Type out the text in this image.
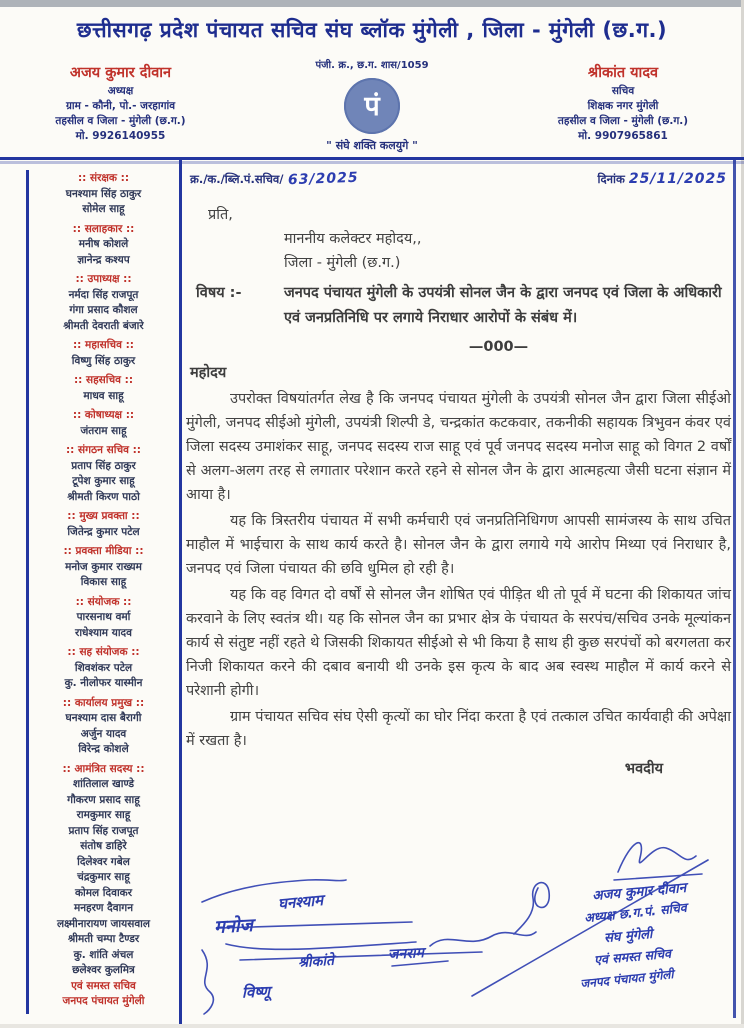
छत्तीसगढ़ प्रदेश पंचायत सचिव संघ ब्लॉक मुंगेली , जिला - मुंगेली (छ.ग.)
अजय कुमार दीवान
अध्यक्ष
ग्राम - कौनी, पो.- जरहागांव
तहसील व जिला - मुंगेली (छ.ग.)
मो. 9926140955
पंजी. क्र., छ.ग. शास/1059
पं
" संघे शक्ति कलयुगे "
श्रीकांत यादव
सचिव
शिक्षक नगर मुंगेली
तहसील व जिला - मुंगेली (छ.ग.)
मो. 9907965861
:: संरक्षक ::
घनश्याम सिंह ठाकुर
सोमेल साहू
:: सलाहकार ::
मनीष कोशले
ज्ञानेन्द्र कश्यप
:: उपाध्यक्ष ::
नर्मदा सिंह राजपूत
गंगा प्रसाद कौशल
श्रीमती देवराती बंजारे
:: महासचिव ::
विष्णु सिंह ठाकुर
:: सहसचिव ::
माधव साहू
:: कोषाध्यक्ष ::
जंतराम साहू
:: संगठन सचिव ::
प्रताप सिंह ठाकुर
टूपेश कुमार साहू
श्रीमती किरण पाठो
:: मुख्य प्रवक्ता ::
जितेन्द्र कुमार पटेल
:: प्रवक्ता मीडिया ::
मनोज कुमार राख्यम
विकास साहू
:: संयोजक ::
पारसनाथ वर्मा
राधेश्याम यादव
:: सह संयोजक ::
शिवशंकर पटेल
कु. नीलोफर यास्मीन
:: कार्यालय प्रमुख ::
घनश्याम दास बैरागी
अर्जुन यादव
विरेन्द्र कोशले
:: आमंत्रित सदस्य ::
शांतिलाल खाण्डे
गौकरण प्रसाद साहू
रामकुमार साहू
प्रताप सिंह राजपूत
संतोष डाहिरे
दिलेश्वर गबेल
चंद्रकुमार साहू
कोमल दिवाकर
मनहरण दैवागन
लक्ष्मीनारायण जायसवाल
श्रीमती चम्पा टैण्डर
कु. शांति अंचल
छलेश्वर कुलमित्र
एवं समस्त सचिव
जनपद पंचायत मुंगेली
क्र./क./ब्लि.पं.सचिव/ 63/2025	दिनांक 25/11/2025
प्रति,
माननीय कलेक्टर महोदय,,
जिला - मुंगेली (छ.ग.)
विषय :-	जनपद पंचायत मुंगेली के उपयंत्री सोनल जैन के द्वारा जनपद एवं जिला के अधिकारी एवं जनप्रतिनिधि पर लगाये निराधार आरोपों के संबंध में।
—000—
महोदय

उपरोक्त विषयांतर्गत लेख है कि जनपद पंचायत मुंगेली के उपयंत्री सोनल जैन द्वारा जिला सीईओ मुंगेली, जनपद सीईओ मुंगेली, उपयंत्री शिल्पी डे, चन्द्रकांत कटकवार, तकनीकी सहायक त्रिभुवन कंवर एवं जिला सदस्य उमाशंकर साहू, जनपद सदस्य राज साहू एवं पूर्व जनपद सदस्य मनोज साहू को विगत 2 वर्षों से अलग-अलग तरह से लगातार परेशान करते रहने से सोनल जैन के द्वारा आत्महत्या जैसी घटना संज्ञान में आया है।

यह कि त्रिस्तरीय पंचायत में सभी कर्मचारी एवं जनप्रतिनिधिगण आपसी सामंजस्य के साथ उचित माहौल में भाईचारा के साथ कार्य करते है। सोनल जैन के द्वारा लगाये गये आरोप मिथ्या एवं निराधार है, जनपद एवं जिला पंचायत की छवि धुमिल हो रही है।

यह कि वह विगत दो वर्षों से सोनल जैन शोषित एवं पीड़ित थी तो पूर्व में घटना की शिकायत जांच करवाने के लिए स्वतंत्र थी। यह कि सोनल जैन का प्रभार क्षेत्र के पंचायत के सरपंच/सचिव उनके मूल्यांकन कार्य से संतुष्ट नहीं रहते थे जिसकी शिकायत सीईओ से भी किया है साथ ही कुछ सरपंचों को बरगलता कर निजी शिकायत करने की दबाव बनायी थी उनके इस कृत्य के बाद अब स्वस्थ माहौल में कार्य करने से परेशानी होगी।

ग्राम पंचायत सचिव संघ ऐसी कृत्यों का घोर निंदा करता है एवं तत्काल उचित कार्यवाही की अपेक्षा में रखता है।

भवदीय
मनोज
घनश्याम
श्रीकांते	जनराम
विष्णू
अजय कुमार दीवान
अध्यक्ष छ.ग.पं. सचिव
संघ मुंगेली
एवं समस्त सचिव
जनपद पंचायत मुंगेली
